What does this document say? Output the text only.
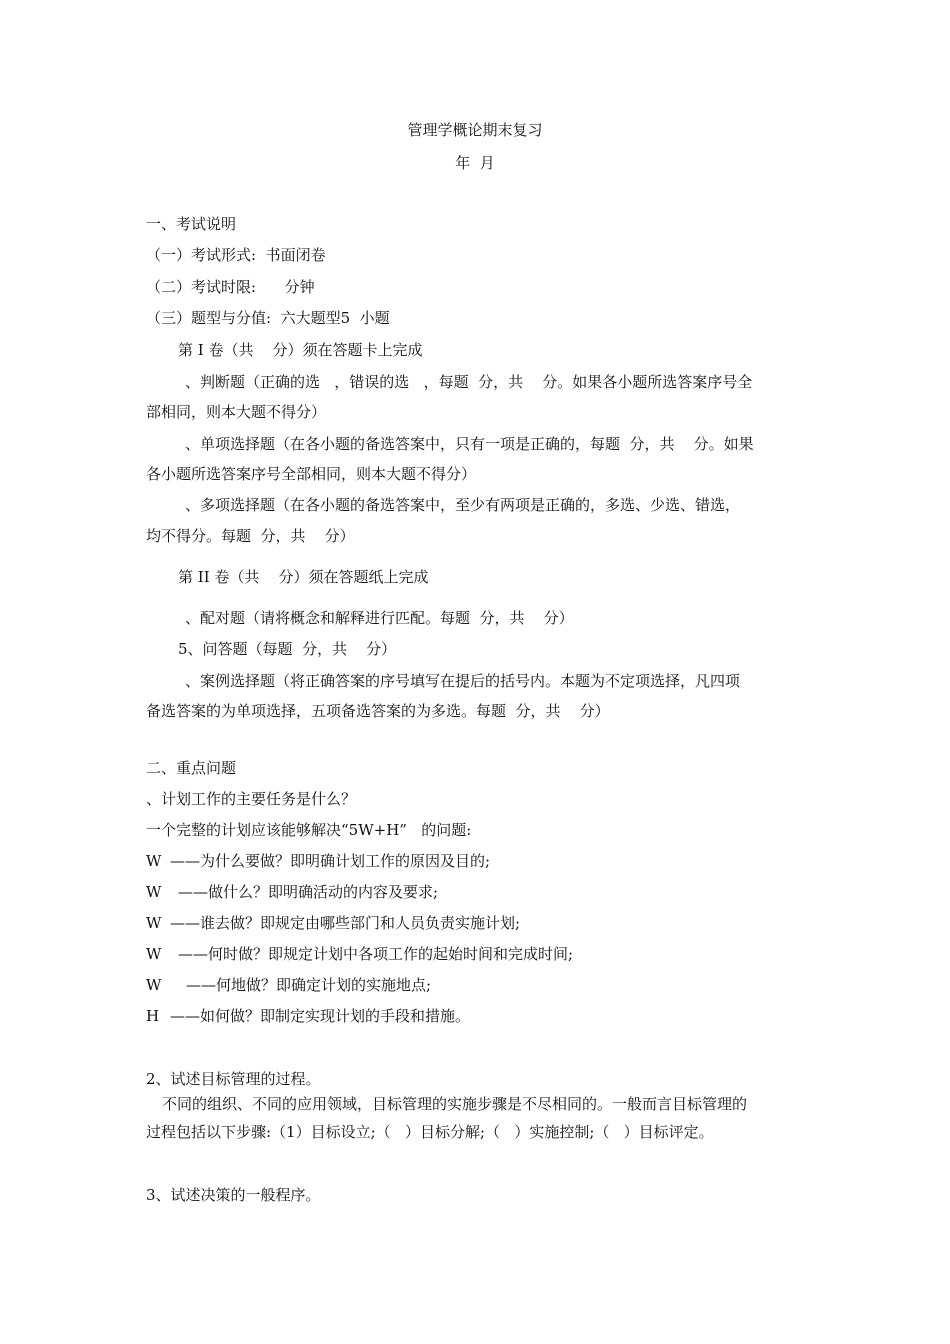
管理学概论期末复习

年  月

一、考试说明

（一）考试形式:  书面闭卷

（二）考试时限:      分钟

（三）题型与分值:  六大题型5  小题

第 I 卷（共    分）须在答题卡上完成

、判断题（正确的选   ，错误的选   ，每题  分，共    分。如果各小题所选答案序号全

部相同，则本大题不得分）

、单项选择题（在各小题的备选答案中，只有一项是正确的，每题  分，共    分。如果

各小题所选答案序号全部相同，则本大题不得分）

、多项选择题（在各小题的备选答案中，至少有两项是正确的，多选、少选、错选，

均不得分。每题  分，共    分）

第 II 卷（共    分）须在答题纸上完成

、配对题（请将概念和解释进行匹配。每题  分，共    分）

5、问答题（每题  分，共    分）

、案例选择题（将正确答案的序号填写在提后的括号内。本题为不定项选择，凡四项

备选答案的为单项选择，五项备选答案的为多选。每题  分，共    分）

二、重点问题

、计划工作的主要任务是什么？

一个完整的计划应该能够解决“5W+H”   的问题:

W ——为什么要做？即明确计划工作的原因及目的;

W ——做什么？即明确活动的内容及要求;

W ——谁去做？即规定由哪些部门和人员负责实施计划;

W ——何时做？即规定计划中各项工作的起始时间和完成时间;

W ——何地做？即确定计划的实施地点;

H ——如何做？即制定实现计划的手段和措施。

2、试述目标管理的过程。

不同的组织、不同的应用领域，目标管理的实施步骤是不尽相同的。一般而言目标管理的

过程包括以下步骤:（1）目标设立;（   ）目标分解;（   ）实施控制;（   ）目标评定。

3、试述决策的一般程序。
